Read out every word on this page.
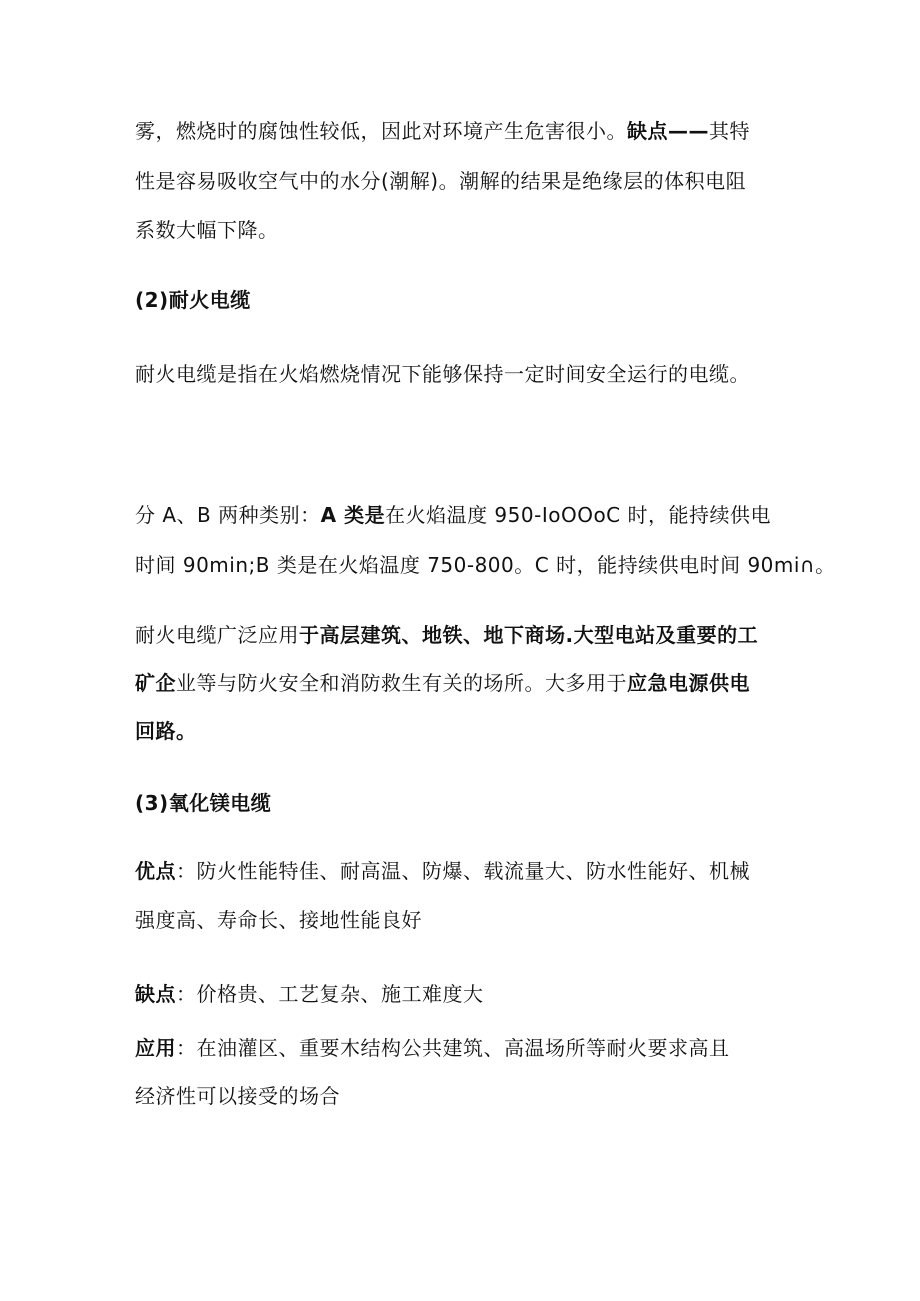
雾，燃烧时的腐蚀性较低，因此对环境产生危害很小。缺点——其特
性是容易吸收空气中的水分(潮解)。潮解的结果是绝缘层的体积电阻
系数大幅下降。
(2)耐火电缆
耐火电缆是指在火焰燃烧情况下能够保持一定时间安全运行的电缆。
分 A、B 两种类别：A 类是在火焰温度 950-IoOOoC 时，能持续供电
时间 90min;B 类是在火焰温度 750-800。C 时，能持续供电时间 90mi∩。
耐火电缆广泛应用于高层建筑、地铁、地下商场.大型电站及重要的工
矿企业等与防火安全和消防救生有关的场所。大多用于应急电源供电
回路。
(3)氧化镁电缆
优点：防火性能特佳、耐高温、防爆、载流量大、防水性能好、机械
强度高、寿命长、接地性能良好
缺点：价格贵、工艺复杂、施工难度大
应用：在油灌区、重要木结构公共建筑、高温场所等耐火要求高且
经济性可以接受的场合
